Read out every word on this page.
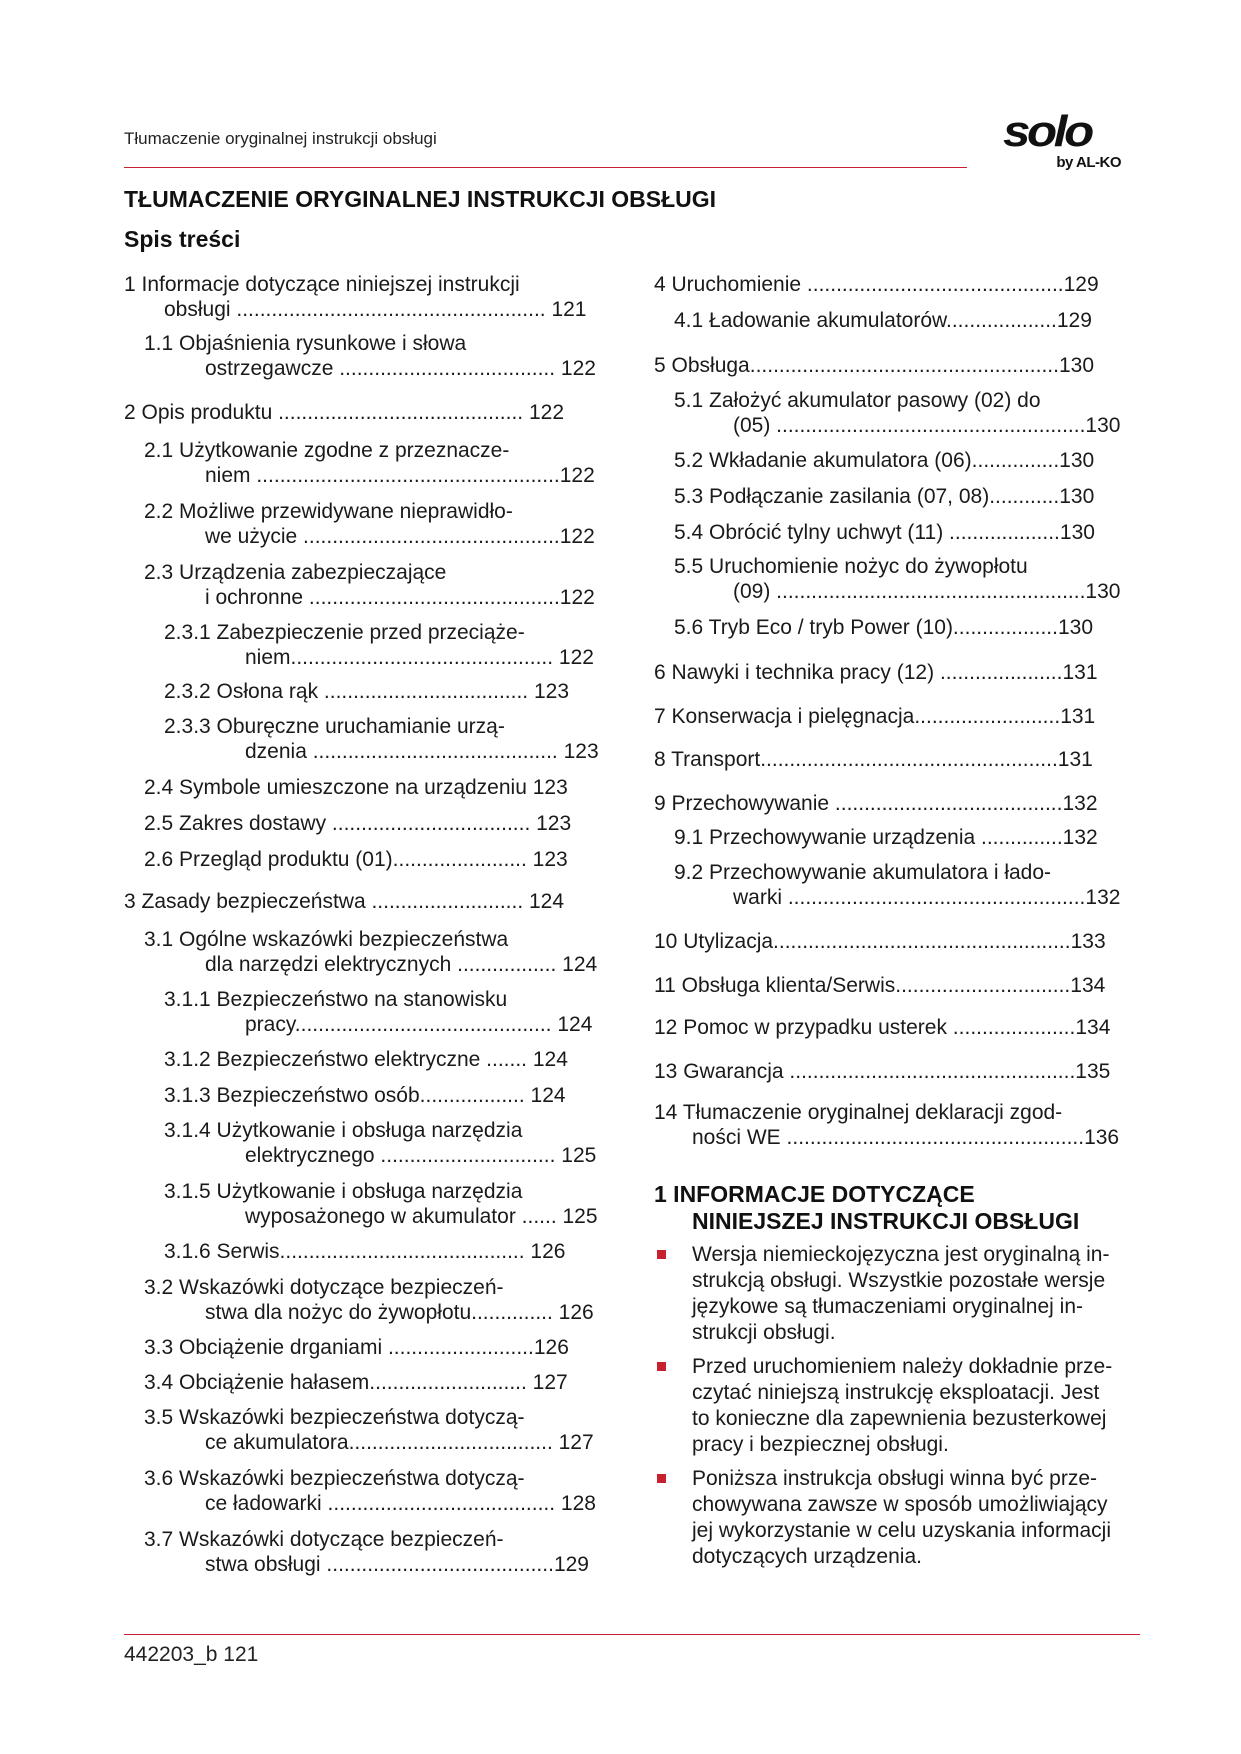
Tłumaczenie oryginalnej instrukcji obsługi	solo
by AL-KO
TŁUMACZENIE ORYGINALNEJ INSTRUKCJI OBSŁUGI
Spis treści
1 Informacje dotyczące niniejszej instrukcji
obsługi ..................................................... 121
1.1 Objaśnienia rysunkowe i słowa
ostrzegawcze ..................................... 122
2 Opis produktu .......................................... 122
2.1 Użytkowanie zgodne z przeznacze-
niem ....................................................122
2.2 Możliwe przewidywane nieprawidło-
we użycie ............................................122
2.3 Urządzenia zabezpieczające
i ochronne ...........................................122
2.3.1 Zabezpieczenie przed przeciąże-
niem............................................. 122
2.3.2 Osłona rąk ................................... 123
2.3.3 Oburęczne uruchamianie urzą-
dzenia .......................................... 123
2.4 Symbole umieszczone na urządzeniu 123
2.5 Zakres dostawy .................................. 123
2.6 Przegląd produktu (01)....................... 123
3 Zasady bezpieczeństwa .......................... 124
3.1 Ogólne wskazówki bezpieczeństwa
dla narzędzi elektrycznych ................. 124
3.1.1 Bezpieczeństwo na stanowisku
pracy............................................ 124
3.1.2 Bezpieczeństwo elektryczne ....... 124
3.1.3 Bezpieczeństwo osób.................. 124
3.1.4 Użytkowanie i obsługa narzędzia
elektrycznego .............................. 125
3.1.5 Użytkowanie i obsługa narzędzia
wyposażonego w akumulator ...... 125
3.1.6 Serwis.......................................... 126
3.2 Wskazówki dotyczące bezpieczeń-
stwa dla nożyc do żywopłotu.............. 126
3.3 Obciążenie drganiami .........................126
3.4 Obciążenie hałasem........................... 127
3.5 Wskazówki bezpieczeństwa dotyczą-
ce akumulatora................................... 127
3.6 Wskazówki bezpieczeństwa dotyczą-
ce ładowarki ....................................... 128
3.7 Wskazówki dotyczące bezpieczeń-
stwa obsługi .......................................129
4 Uruchomienie ............................................129
4.1 Ładowanie akumulatorów...................129
5 Obsługa.....................................................130
5.1 Założyć akumulator pasowy (02) do
(05) .....................................................130
5.2 Wkładanie akumulatora (06)...............130
5.3 Podłączanie zasilania (07, 08)............130
5.4 Obrócić tylny uchwyt (11) ...................130
5.5 Uruchomienie nożyc do żywopłotu
(09) .....................................................130
5.6 Tryb Eco / tryb Power (10)..................130
6 Nawyki i technika pracy (12) .....................131
7 Konserwacja i pielęgnacja.........................131
8 Transport...................................................131
9 Przechowywanie .......................................132
9.1 Przechowywanie urządzenia ..............132
9.2 Przechowywanie akumulatora i łado-
warki ...................................................132
10 Utylizacja...................................................133
11 Obsługa klienta/Serwis..............................134
12 Pomoc w przypadku usterek .....................134
13 Gwarancja .................................................135
14 Tłumaczenie oryginalnej deklaracji zgod-
ności WE ...................................................136
1 INFORMACJE DOTYCZĄCE
NINIEJSZEJ INSTRUKCJI OBSŁUGI
Wersja niemieckojęzyczna jest oryginalną in-
strukcją obsługi. Wszystkie pozostałe wersje
językowe są tłumaczeniami oryginalnej in-
strukcji obsługi.
Przed uruchomieniem należy dokładnie prze-
czytać niniejszą instrukcję eksploatacji. Jest
to konieczne dla zapewnienia bezusterkowej
pracy i bezpiecznej obsługi.
Poniższa instrukcja obsługi winna być prze-
chowywana zawsze w sposób umożliwiający
jej wykorzystanie w celu uzyskania informacji
dotyczących urządzenia.
442203_b 121
